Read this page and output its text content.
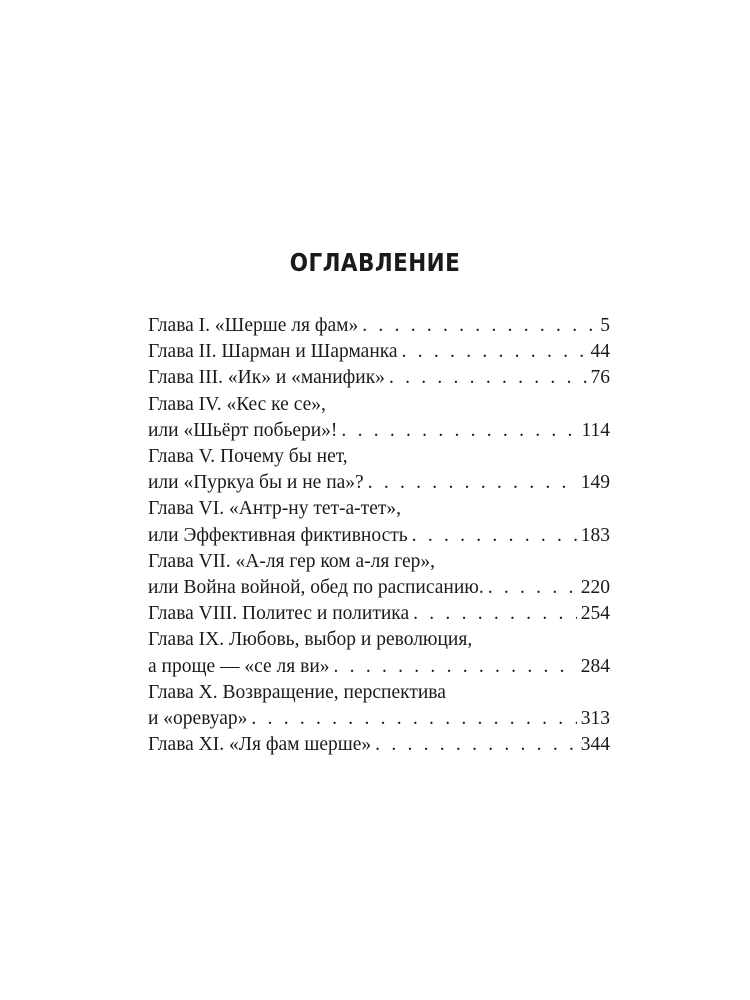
ОГЛАВЛЕНИЕ
Глава I. «Шерше ля фам» . . .	5
Глава II. Шарман и Шарманка . . .	44
Глава III. «Ик» и «манифик» . . .	76
Глава IV. «Кес ке се»,
или «Шьёрт побьери»! . . .	114
Глава V. Почему бы нет,
или «Пуркуа бы и не па»? . . .	149
Глава VI. «Антр-ну тет-а-тет»,
или Эффективная фиктивность . . .	183
Глава VII. «А-ля гер ком а-ля гер»,
или Война войной, обед по расписанию. . . .	220
Глава VIII. Политес и политика . . .	254
Глава IX. Любовь, выбор и революция,
а проще — «се ля ви» . . .	284
Глава X. Возвращение, перспектива
и «оревуар» . . .	313
Глава XI. «Ля фам шерше» . . .	344
